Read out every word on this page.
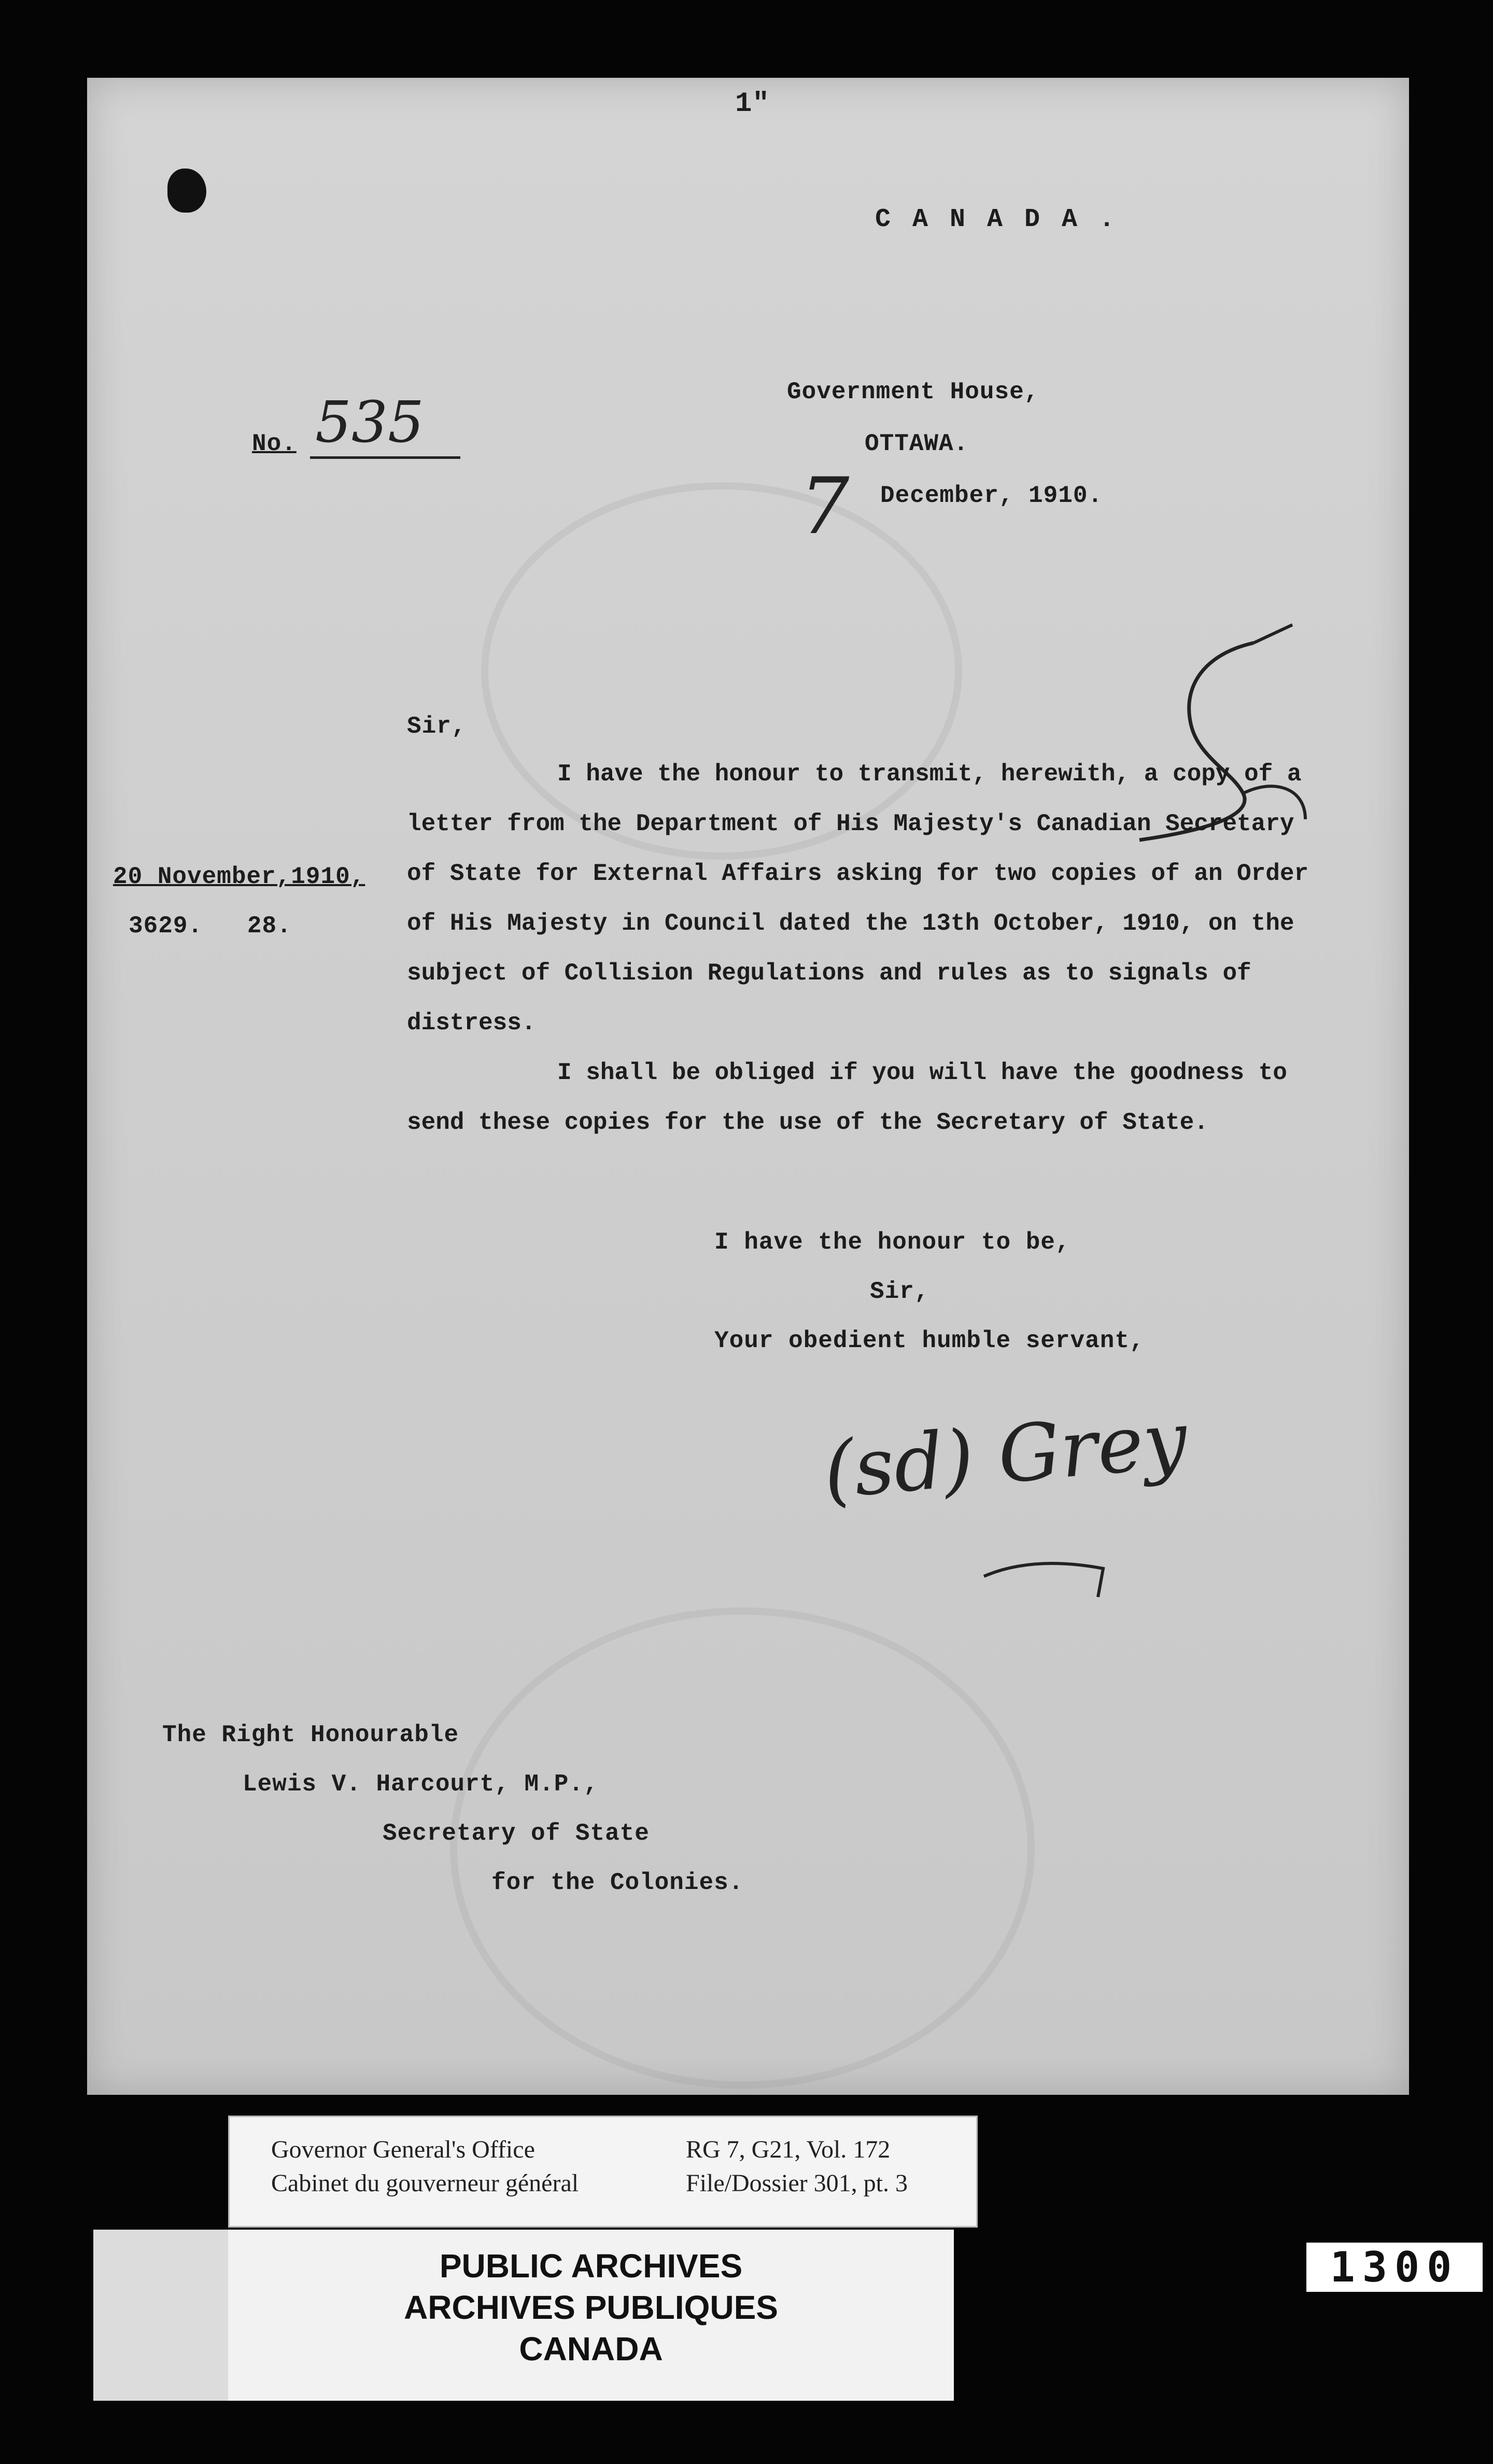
1"
C A N A D A .
Government House,
OTTAWA.
No. 535
7 December, 1910.
Sir,
20 November,1910,
3629.   28.

I have the honour to transmit, herewith, a copy of a letter from the Department of His Majesty's Canadian Secretary of State for External Affairs asking for two copies of an Order of His Majesty in Council dated the 13th October, 1910, on the subject of Collision Regulations and rules as to signals of distress.

I shall be obliged if you will have the goodness to send these copies for the use of the Secretary of State.

I have the honour to be,
Sir,
Your obedient humble servant,
(sd) Grey
The Right Honourable
Lewis V. Harcourt, M.P.,
Secretary of State
for the Colonies.
Governor General's Office
Cabinet du gouverneur général
RG 7, G21, Vol. 172
File/Dossier 301, pt. 3
PUBLIC ARCHIVES
ARCHIVES PUBLIQUES
CANADA
1300
